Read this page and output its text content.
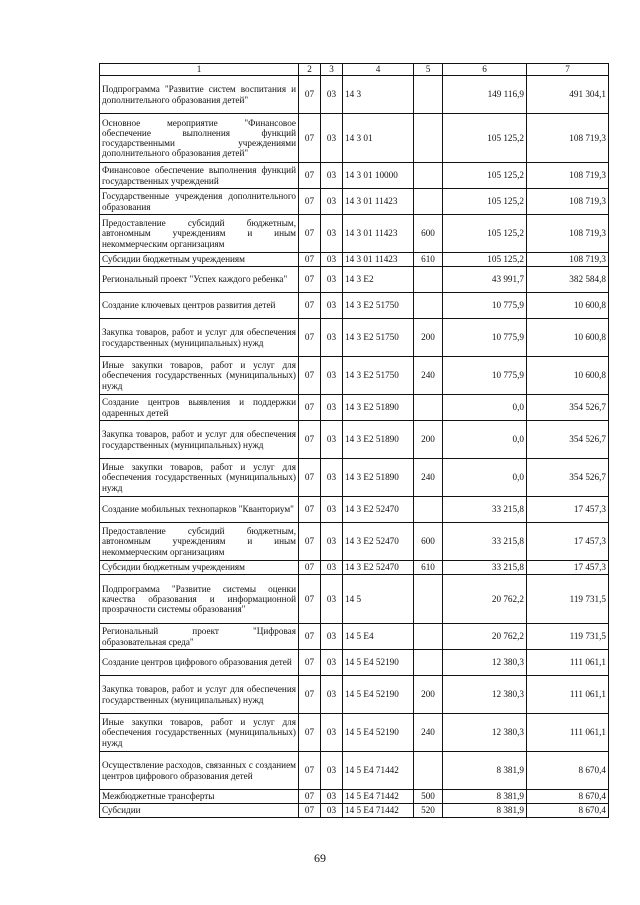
1	2	3	4	5	6	7
Подпрограмма "Развитие систем воспитания и дополнительного образования детей"	07	03	14 3		149 116,9	491 304,1
Основное мероприятие "Финансовое обеспечение выполнения функций государственными учреждениями дополнительного образования детей"	07	03	14 3 01		105 125,2	108 719,3
Финансовое обеспечение выполнения функций государственных учреждений	07	03	14 3 01 10000		105 125,2	108 719,3
Государственные учреждения дополнительного образования	07	03	14 3 01 11423		105 125,2	108 719,3
Предоставление субсидий бюджетным, автономным учреждениям и иным некоммерческим организациям	07	03	14 3 01 11423	600	105 125,2	108 719,3
Субсидии бюджетным учреждениям	07	03	14 3 01 11423	610	105 125,2	108 719,3
Региональный проект "Успех каждого ребенка"	07	03	14 3 E2		43 991,7	382 584,8
Создание ключевых центров развития детей	07	03	14 3 E2 51750		10 775,9	10 600,8
Закупка товаров, работ и услуг для обеспечения государственных (муниципальных) нужд	07	03	14 3 E2 51750	200	10 775,9	10 600,8
Иные закупки товаров, работ и услуг для обеспечения государственных (муниципальных) нужд	07	03	14 3 E2 51750	240	10 775,9	10 600,8
Создание центров выявления и поддержки одаренных детей	07	03	14 3 E2 51890		0,0	354 526,7
Закупка товаров, работ и услуг для обеспечения государственных (муниципальных) нужд	07	03	14 3 E2 51890	200	0,0	354 526,7
Иные закупки товаров, работ и услуг для обеспечения государственных (муниципальных) нужд	07	03	14 3 E2 51890	240	0,0	354 526,7
Создание мобильных технопарков "Кванториум"	07	03	14 3 E2 52470		33 215,8	17 457,3
Предоставление субсидий бюджетным, автономным учреждениям и иным некоммерческим организациям	07	03	14 3 E2 52470	600	33 215,8	17 457,3
Субсидии бюджетным учреждениям	07	03	14 3 E2 52470	610	33 215,8	17 457,3
Подпрограмма "Развитие системы оценки качества образования и информационной прозрачности системы образования"	07	03	14 5		20 762,2	119 731,5
Региональный проект "Цифровая образовательная среда"	07	03	14 5 E4		20 762,2	119 731,5
Создание центров цифрового образования детей	07	03	14 5 E4 52190		12 380,3	111 061,1
Закупка товаров, работ и услуг для обеспечения государственных (муниципальных) нужд	07	03	14 5 E4 52190	200	12 380,3	111 061,1
Иные закупки товаров, работ и услуг для обеспечения государственных (муниципальных) нужд	07	03	14 5 E4 52190	240	12 380,3	111 061,1
Осуществление расходов, связанных с созданием центров цифрового образования детей	07	03	14 5 E4 71442		8 381,9	8 670,4
Межбюджетные трансферты	07	03	14 5 E4 71442	500	8 381,9	8 670,4
Субсидии	07	03	14 5 E4 71442	520	8 381,9	8 670,4
69
